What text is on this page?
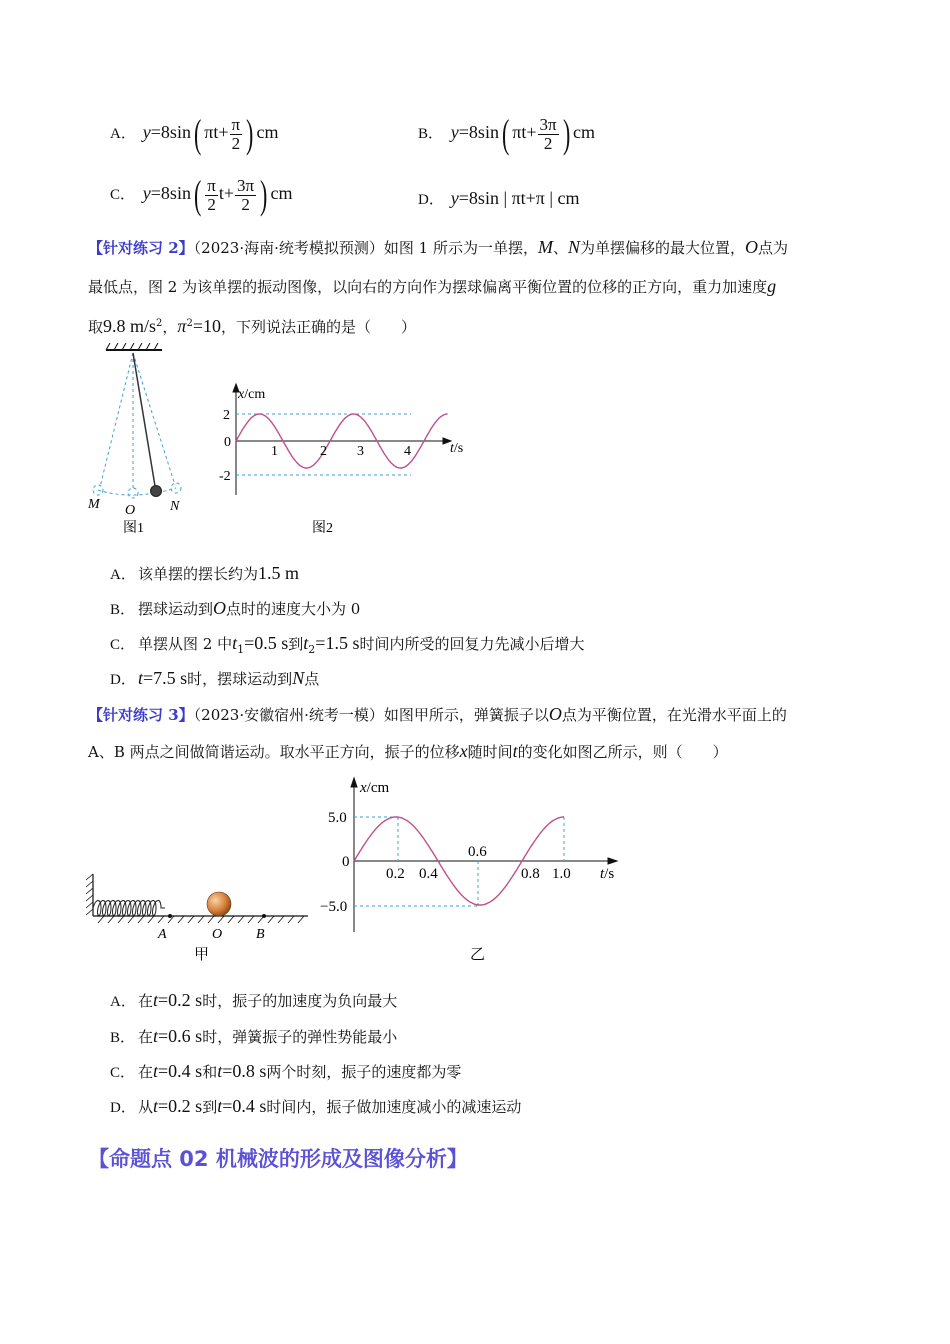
A． y=8sin( $\pi t+ \frac{\pi}{2}$ ) cm	B． y=8sin( $\pi t+ \frac{3\pi}{2}$ ) cm
C． $y=8\sin( \frac{\pi}{2} t+ \frac{3\pi}{2}$ ) cm	D． y=8sin | πt+π | cm
【针对练习 2】（2023·海南·统考模拟预测）如图 1 所示为一单摆，M、N为单摆偏移的最大位置，O点为
最低点，图 2 为该单摆的振动图像，以向右的方向作为摆球偏离平衡位置的位移的正方向，重力加速度g
取9.8 $m/s^2$，$\pi^2=10$，下列说法正确的是（　　）
M O N
图1
x/cm
t/s
2
0
-2
1	2 3	4
图2
A． 该单摆的摆长约为1.5 m
B． 摆球运动到O点时的速度大小为 0
C． 单摆从图 2 中$t_1=0.5$ s到$t_2=1.5$ s时间内所受的回复力先减小后增大
D． t=7.5 s时，摆球运动到N点
【针对练习 3】（2023·安徽宿州·统考一模）如图甲所示，弹簧振子以O点为平衡位置，在光滑水平面上的
A、B 两点之间做简谐运动。取水平正方向，振子的位移x随时间t的变化如图乙所示，则（　　）
A	O B
甲
x/cm
t/s
5.0
0
−5.0
0.2 0.4
0.6
0.8 1.0
乙
A． 在t=0.2 s时，振子的加速度为负向最大
B． 在t=0.6 s时，弹簧振子的弹性势能最小
C． 在t=0.4 s和t=0.8 s两个时刻，振子的速度都为零
D． 从t=0.2 s到t=0.4 s时间内，振子做加速度减小的减速运动
【命题点 02 机械波的形成及图像分析】
